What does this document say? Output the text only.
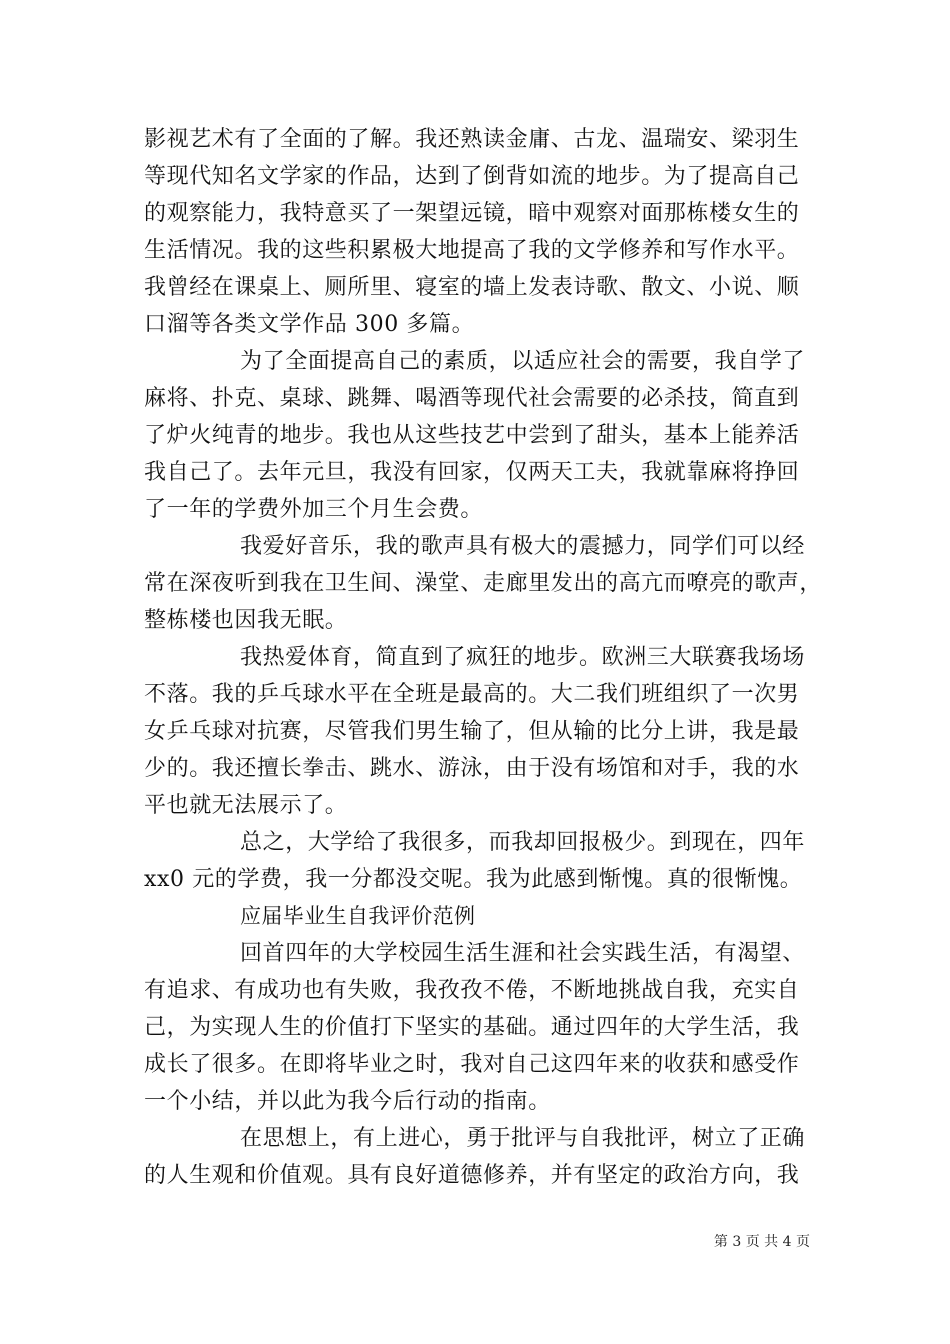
影视艺术有了全面的了解。我还熟读金庸、古龙、温瑞安、梁羽生
等现代知名文学家的作品，达到了倒背如流的地步。为了提高自己
的观察能力，我特意买了一架望远镜，暗中观察对面那栋楼女生的
生活情况。我的这些积累极大地提高了我的文学修养和写作水平。
我曾经在课桌上、厕所里、寝室的墙上发表诗歌、散文、小说、顺
口溜等各类文学作品 300 多篇。
为了全面提高自己的素质，以适应社会的需要，我自学了
麻将、扑克、桌球、跳舞、喝酒等现代社会需要的必杀技，简直到
了炉火纯青的地步。我也从这些技艺中尝到了甜头，基本上能养活
我自己了。去年元旦，我没有回家，仅两天工夫，我就靠麻将挣回
了一年的学费外加三个月生会费。
我爱好音乐，我的歌声具有极大的震撼力，同学们可以经
常在深夜听到我在卫生间、澡堂、走廊里发出的高亢而嘹亮的歌声，
整栋楼也因我无眠。
我热爱体育，简直到了疯狂的地步。欧洲三大联赛我场场
不落。我的乒乓球水平在全班是最高的。大二我们班组织了一次男
女乒乓球对抗赛，尽管我们男生输了，但从输的比分上讲，我是最
少的。我还擅长拳击、跳水、游泳，由于没有场馆和对手，我的水
平也就无法展示了。
总之，大学给了我很多，而我却回报极少。到现在，四年
xx0 元的学费，我一分都没交呢。我为此感到惭愧。真的很惭愧。
应届毕业生自我评价范例
回首四年的大学校园生活生涯和社会实践生活，有渴望、
有追求、有成功也有失败，我孜孜不倦，不断地挑战自我，充实自
己，为实现人生的价值打下坚实的基础。通过四年的大学生活，我
成长了很多。在即将毕业之时，我对自己这四年来的收获和感受作
一个小结，并以此为我今后行动的指南。
在思想上，有上进心，勇于批评与自我批评，树立了正确
的人生观和价值观。具有良好道德修养，并有坚定的政治方向，我
第 3 页 共 4 页
